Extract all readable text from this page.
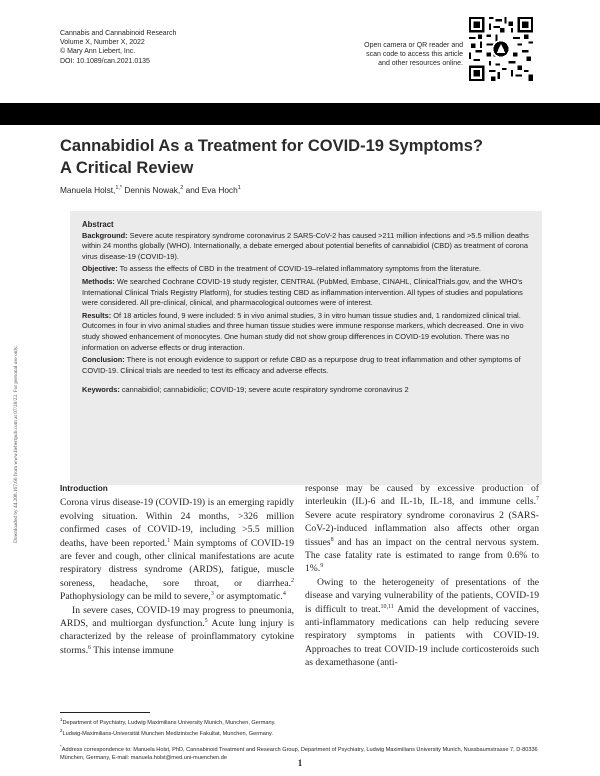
Cannabis and Cannabinoid Research
Volume X, Number X, 2022
© Mary Ann Liebert, Inc.
DOI: 10.1089/can.2021.0135
Open camera or QR reader and
scan code to access this article
and other resources online.
Downloaded by 44.208.167.66 from www.liebertpub.com at 07/28/22. For personal use only.
Cannabidiol As a Treatment for COVID-19 Symptoms?
A Critical Review
Manuela Holst,$^{1,*}$ Dennis Nowak,$^2$ and Eva Hoch$^1$
Abstract

Background: Severe acute respiratory syndrome coronavirus 2 SARS-CoV-2 has caused >211 million infections and >5.5 million deaths within 24 months globally (WHO). Internationally, a debate emerged about potential benefits of cannabidiol (CBD) as treatment of corona virus disease-19 (COVID-19).

Objective: To assess the effects of CBD in the treatment of COVID-19–related inflammatory symptoms from the literature.

Methods: We searched Cochrane COVID-19 study register, CENTRAL (PubMed, Embase, CINAHL, ClinicalTrials.gov, and the WHO's International Clinical Trials Registry Platform), for studies testing CBD as inflammation intervention. All types of studies and populations were considered. All pre-clinical, clinical, and pharmacological outcomes were of interest.

Results: Of 18 articles found, 9 were included: 5 in vivo animal studies, 3 in vitro human tissue studies and, 1 randomized clinical trial. Outcomes in four in vivo animal studies and three human tissue studies were immune response markers, which decreased. One in vivo study showed enhancement of monocytes. One human study did not show group differences in COVID-19 evolution. There was no information on adverse effects or drug interaction.

Conclusion: There is not enough evidence to support or refute CBD as a repurpose drug to treat inflammation and other symptoms of COVID-19. Clinical trials are needed to test its efficacy and adverse effects.

Keywords: cannabidiol; cannabidiolic; COVID-19; severe acute respiratory syndrome coronavirus 2

Introduction

Corona virus disease-19 (COVID-19) is an emerging rapidly evolving situation. Within 24 months, >326 million confirmed cases of COVID-19, including >5.5 million deaths, have been reported.$^1$ Main symptoms of COVID-19 are fever and cough, other clinical manifestations are acute respiratory distress syndrome (ARDS), fatigue, muscle soreness, headache, sore throat, or diarrhea.$^2$ Pathophysiology can be mild to severe,$^3$ or asymptomatic.$^4$

In severe cases, COVID-19 may progress to pneumonia, ARDS, and multiorgan dysfunction.$^5$ Acute lung injury is characterized by the release of proinflammatory cytokine storms.$^6$ This intense immune

response may be caused by excessive production of interleukin (IL)-6 and IL-1b, IL-18, and immune cells.$^7$ Severe acute respiratory syndrome coronavirus 2 (SARS-CoV-2)-induced inflammation also affects other organ tissues$^8$ and has an impact on the central nervous system. The case fatality rate is estimated to range from 0.6% to 1%.$^9$

Owing to the heterogeneity of presentations of the disease and varying vulnerability of the patients, COVID-19 is difficult to treat.$^{10,11}$ Amid the development of vaccines, anti-inflammatory medications can help reducing severe respiratory symptoms in patients with COVID-19. Approaches to treat COVID-19 include corticosteroids such as dexamethasone (anti-

$^1$Department of Psychiatry, Ludwig Maximilians University Munich, Munchen, Germany.

$^2$Ludwig-Maximilians-Universität Munchen Medizinische Fakultat, Munchen, Germany.

*Address correspondence to: Manuela Holst, PhD, Cannabinoid Treatment and Research Group, Department of Psychiatry, Ludwig Maximilians University Munich, Nussbaumstrasse 7, D-80336 München, Germany, E-mail: manuela.holst@med.uni-muenchen.de

1
